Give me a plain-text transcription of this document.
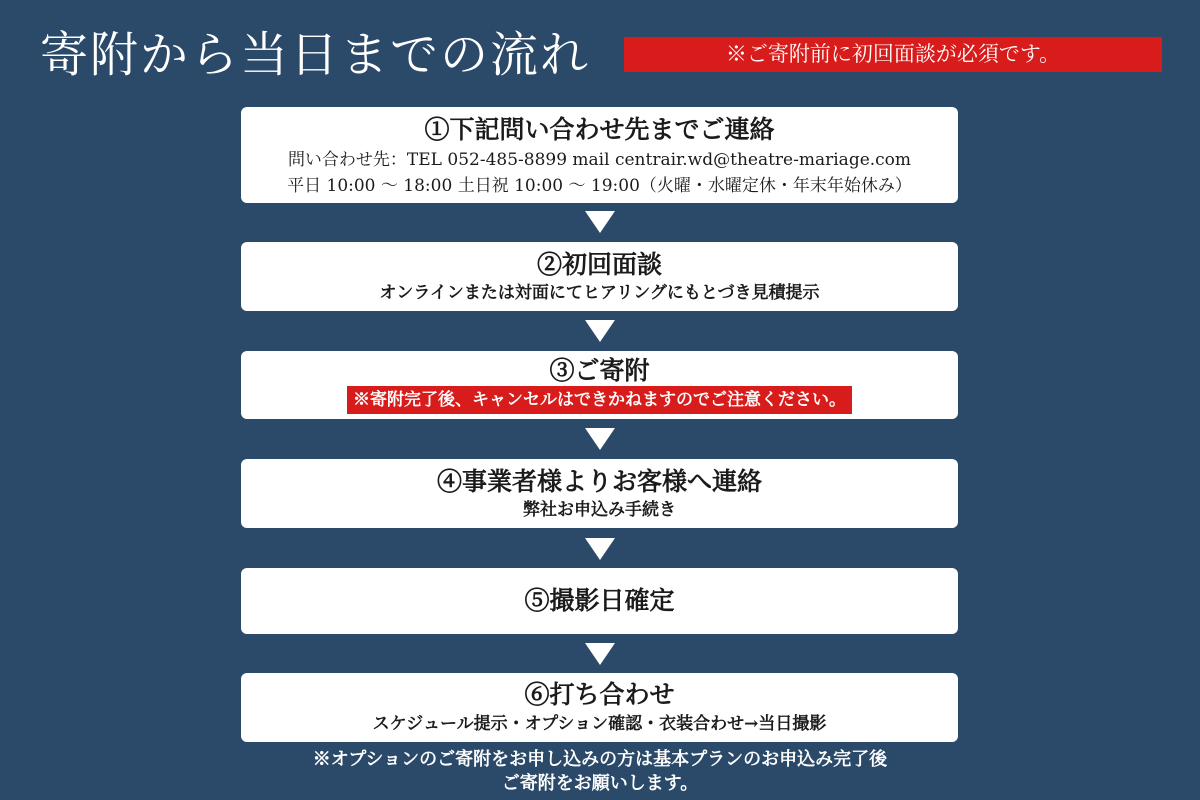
寄附から当日までの流れ	※ご寄附前に初回面談が必須です。
①下記問い合わせ先までご連絡
問い合わせ先：TEL 052-485-8899 mail centrair.wd@theatre-mariage.com
平日 10:00 〜 18:00 土日祝 10:00 〜 19:00（火曜・水曜定休・年末年始休み）
②初回面談
オンラインまたは対面にてヒアリングにもとづき見積提示
③ご寄附
※寄附完了後、キャンセルはできかねますのでご注意ください。
④事業者様よりお客様へ連絡
弊社お申込み手続き
⑤撮影日確定
⑥打ち合わせ
スケジュール提示・オプション確認・衣装合わせ→当日撮影
※オプションのご寄附をお申し込みの方は基本プランのお申込み完了後
ご寄附をお願いします。
